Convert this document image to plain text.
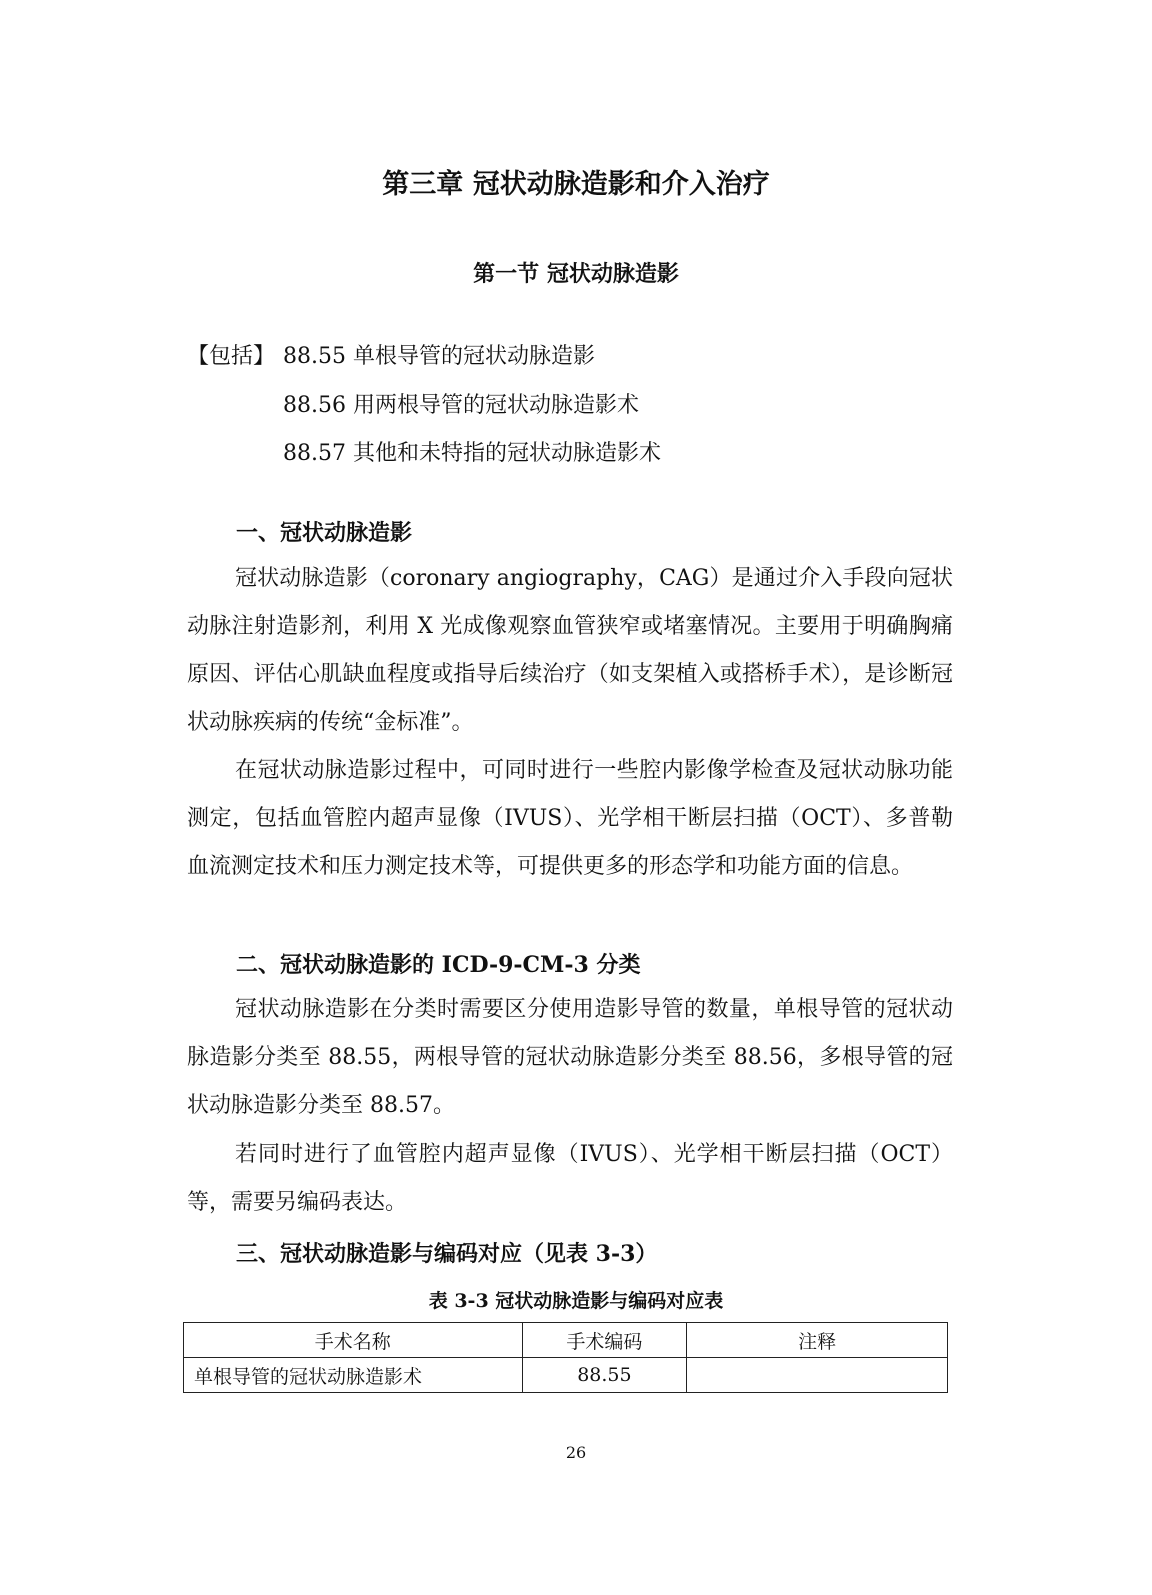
第三章 冠状动脉造影和介入治疗
第一节 冠状动脉造影
【包括】 88.55 单根导管的冠状动脉造影
88.56 用两根导管的冠状动脉造影术
88.57 其他和未特指的冠状动脉造影术
一、冠状动脉造影

冠状动脉造影（coronary angiography，CAG）是通过介入手段向冠状动脉注射造影剂，利用 X 光成像观察血管狭窄或堵塞情况。主要用于明确胸痛原因、评估心肌缺血程度或指导后续治疗（如支架植入或搭桥手术），是诊断冠状动脉疾病的传统“金标准”。

在冠状动脉造影过程中，可同时进行一些腔内影像学检查及冠状动脉功能测定，包括血管腔内超声显像（IVUS）、光学相干断层扫描（OCT）、多普勒血流测定技术和压力测定技术等，可提供更多的形态学和功能方面的信息。

二、冠状动脉造影的 ICD-9-CM-3 分类

冠状动脉造影在分类时需要区分使用造影导管的数量，单根导管的冠状动脉造影分类至 88.55，两根导管的冠状动脉造影分类至 88.56，多根导管的冠状动脉造影分类至 88.57。

若同时进行了血管腔内超声显像（IVUS）、光学相干断层扫描（OCT）等，需要另编码表达。

三、冠状动脉造影与编码对应（见表 3-3）
表 3-3 冠状动脉造影与编码对应表
手术名称	手术编码	注释
单根导管的冠状动脉造影术	88.55	
26
